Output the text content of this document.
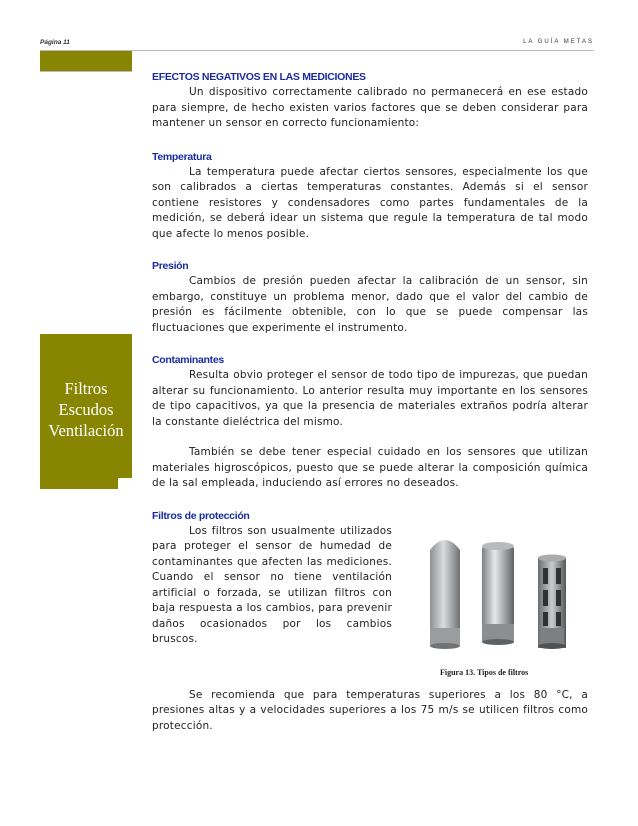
Página 11	LA GUÍA METAS
Filtros
Escudos
Ventilación
EFECTOS NEGATIVOS EN LAS MEDICIONES

Un dispositivo correctamente calibrado no permanecerá en ese estado para siempre, de hecho existen varios factores que se deben considerar para mantener un sensor en correcto funcionamiento:

Temperatura

La temperatura puede afectar ciertos sensores, especialmente los que son calibrados a ciertas temperaturas constantes. Además si el sensor contiene resistores y condensadores como partes fundamentales de la medición, se deberá idear un sistema que regule la temperatura de tal modo que afecte lo menos posible.

Presión

Cambios de presión pueden afectar la calibración de un sensor, sin embargo, constituye un problema menor, dado que el valor del cambio de presión es fácilmente obtenible, con lo que se puede compensar las fluctuaciones que experimente el instrumento.

Contaminantes

Resulta obvio proteger el sensor de todo tipo de impurezas, que puedan alterar su funcionamiento. Lo anterior resulta muy importante en los sensores de tipo capacitivos, ya que la presencia de materiales extraños podría alterar la constante dieléctrica del mismo.

También se debe tener especial cuidado en los sensores que utilizan materiales higroscópicos, puesto que se puede alterar la composición química de la sal empleada, induciendo así errores no deseados.

Filtros de protección

Los filtros son usualmente utilizados para proteger el sensor de humedad de contaminantes que afecten las mediciones. Cuando el sensor no tiene ventilación artificial o forzada, se utilizan filtros con baja respuesta a los cambios, para prevenir daños ocasionados por los cambios bruscos.

Se recomienda que para temperaturas superiores a los 80 °C, a presiones altas y a velocidades superiores a los 75 m/s se utilicen filtros como protección.

Figura 13. Tipos de filtros
